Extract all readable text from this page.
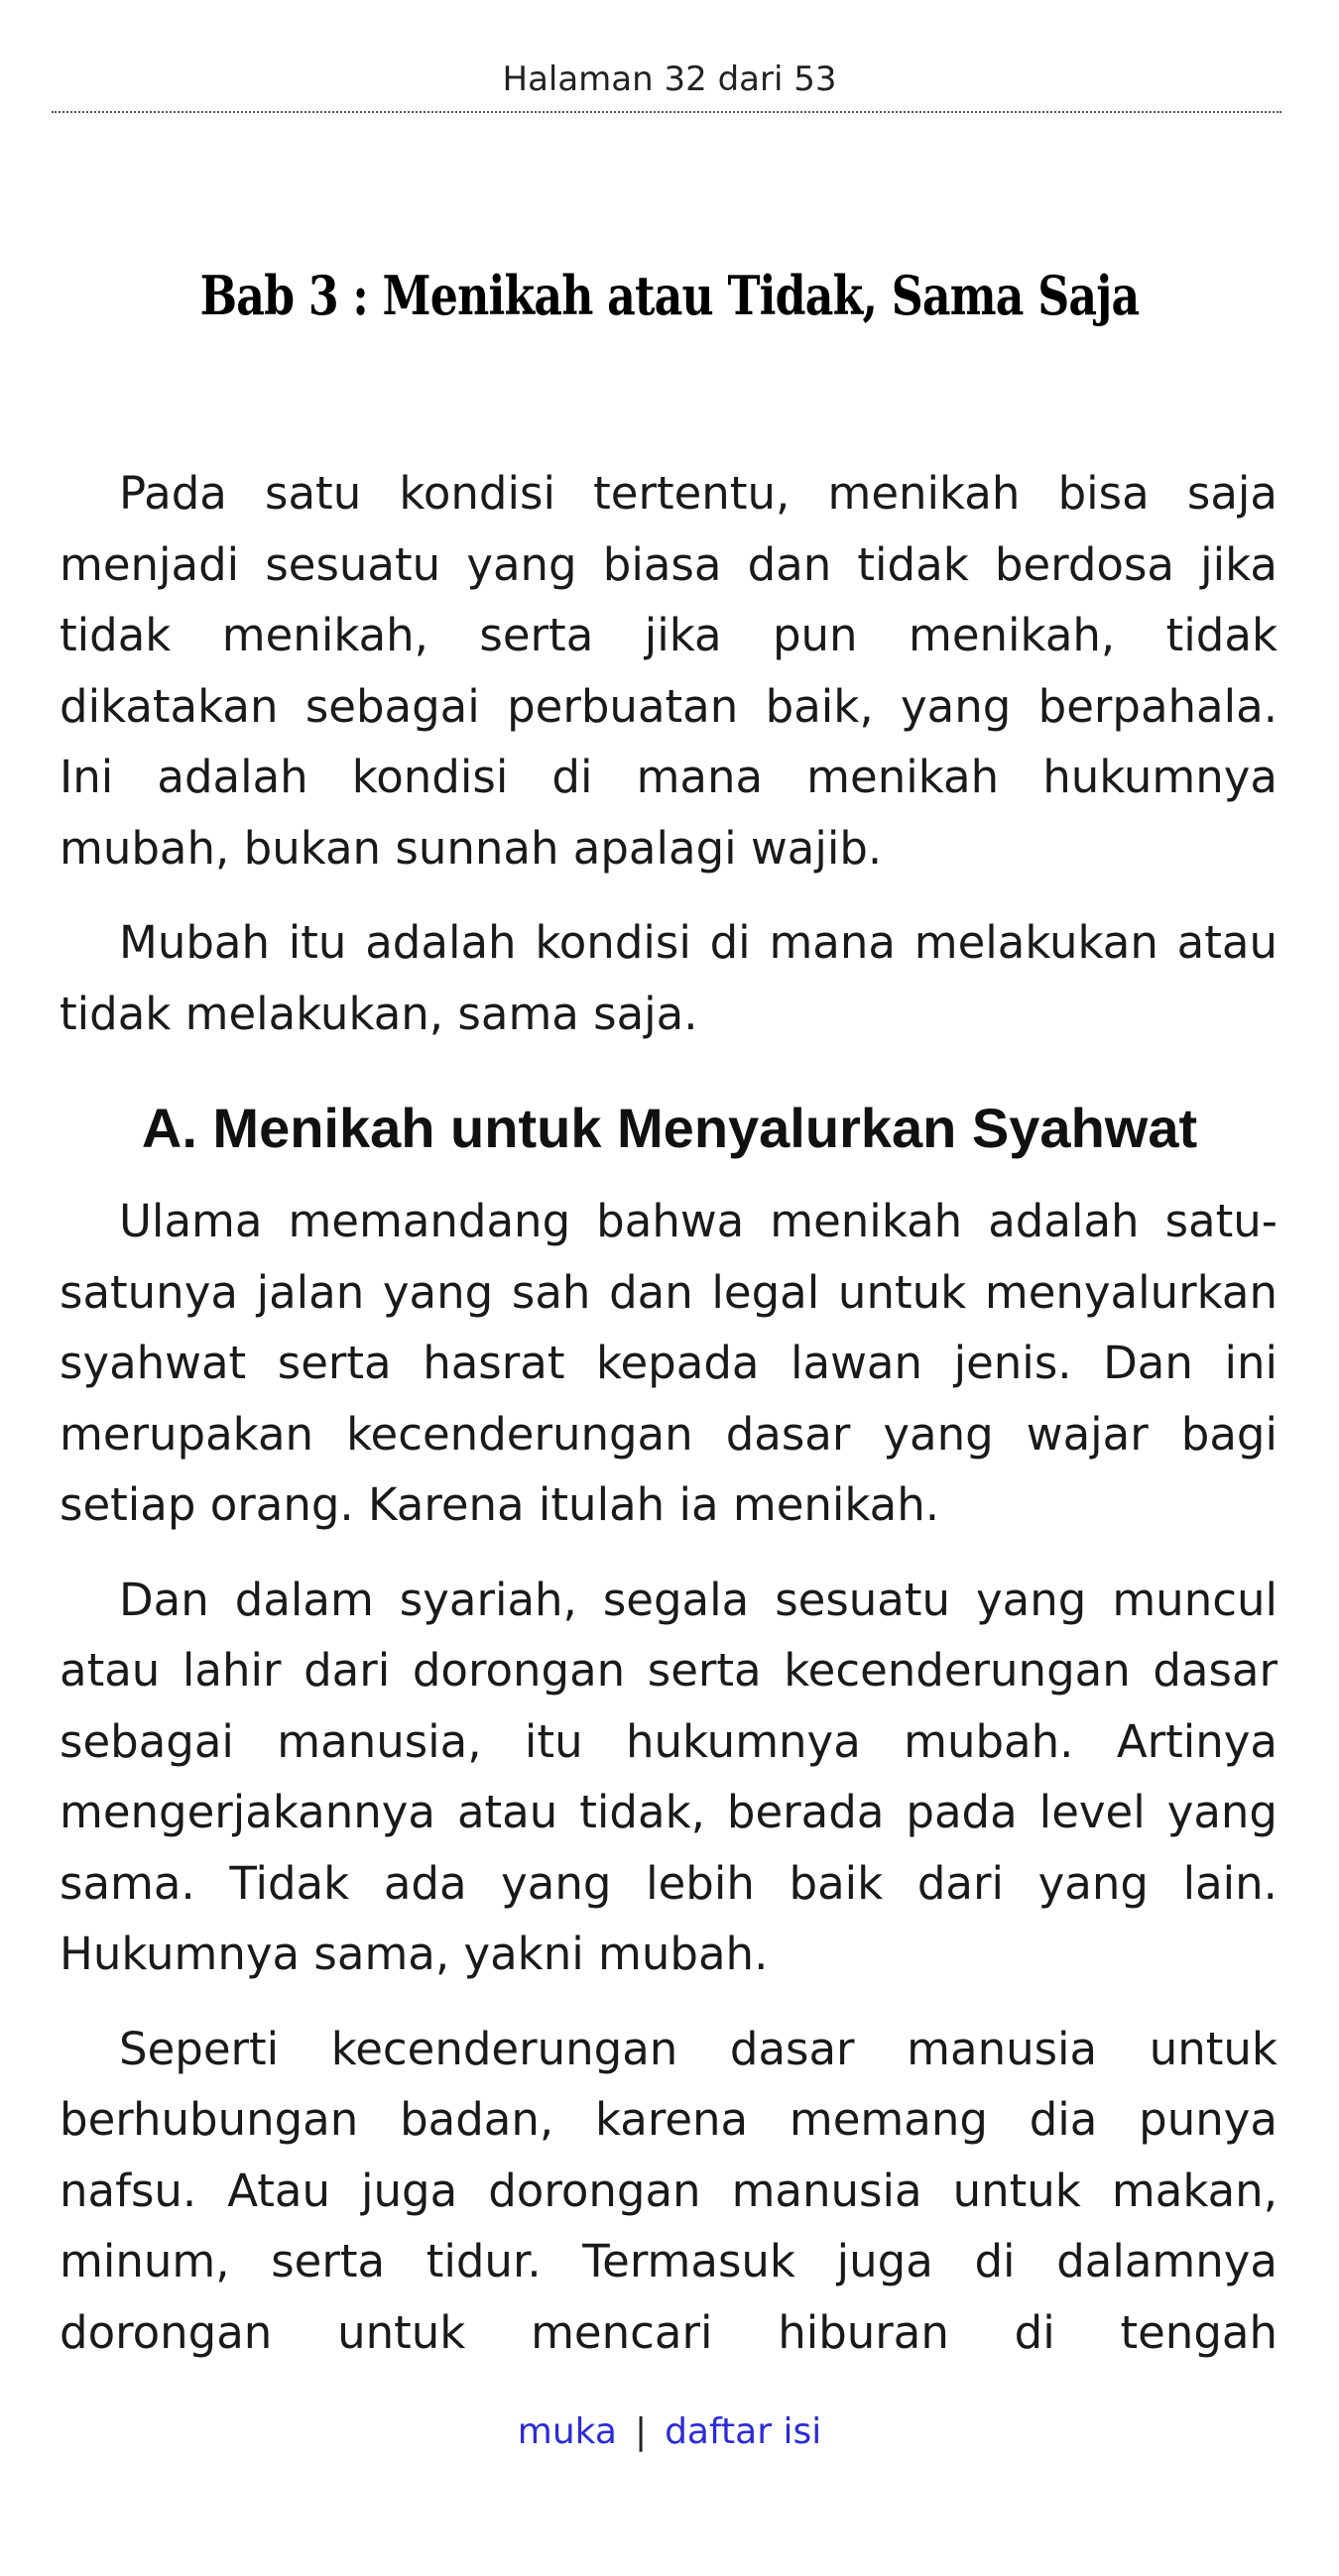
Halaman 32 dari 53
Bab 3 : Menikah atau Tidak, Sama Saja

Pada satu kondisi tertentu, menikah bisa saja menjadi sesuatu yang biasa dan tidak berdosa jika tidak menikah, serta jika pun menikah, tidak dikatakan sebagai perbuatan baik, yang berpahala. Ini adalah kondisi di mana menikah hukumnya mubah, bukan sunnah apalagi wajib.

Mubah itu adalah kondisi di mana melakukan atau tidak melakukan, sama saja.

A. Menikah untuk Menyalurkan Syahwat

Ulama memandang bahwa menikah adalah satu-satunya jalan yang sah dan legal untuk menyalurkan syahwat serta hasrat kepada lawan jenis. Dan ini merupakan kecenderungan dasar yang wajar bagi setiap orang. Karena itulah ia menikah.

Dan dalam syariah, segala sesuatu yang muncul atau lahir dari dorongan serta kecenderungan dasar sebagai manusia, itu hukumnya mubah. Artinya mengerjakannya atau tidak, berada pada level yang sama. Tidak ada yang lebih baik dari yang lain. Hukumnya sama, yakni mubah.

Seperti kecenderungan dasar manusia untuk berhubungan badan, karena memang dia punya nafsu. Atau juga dorongan manusia untuk makan, minum, serta tidur. Termasuk juga di dalamnya dorongan untuk mencari hiburan di tengah

muka | daftar isi
